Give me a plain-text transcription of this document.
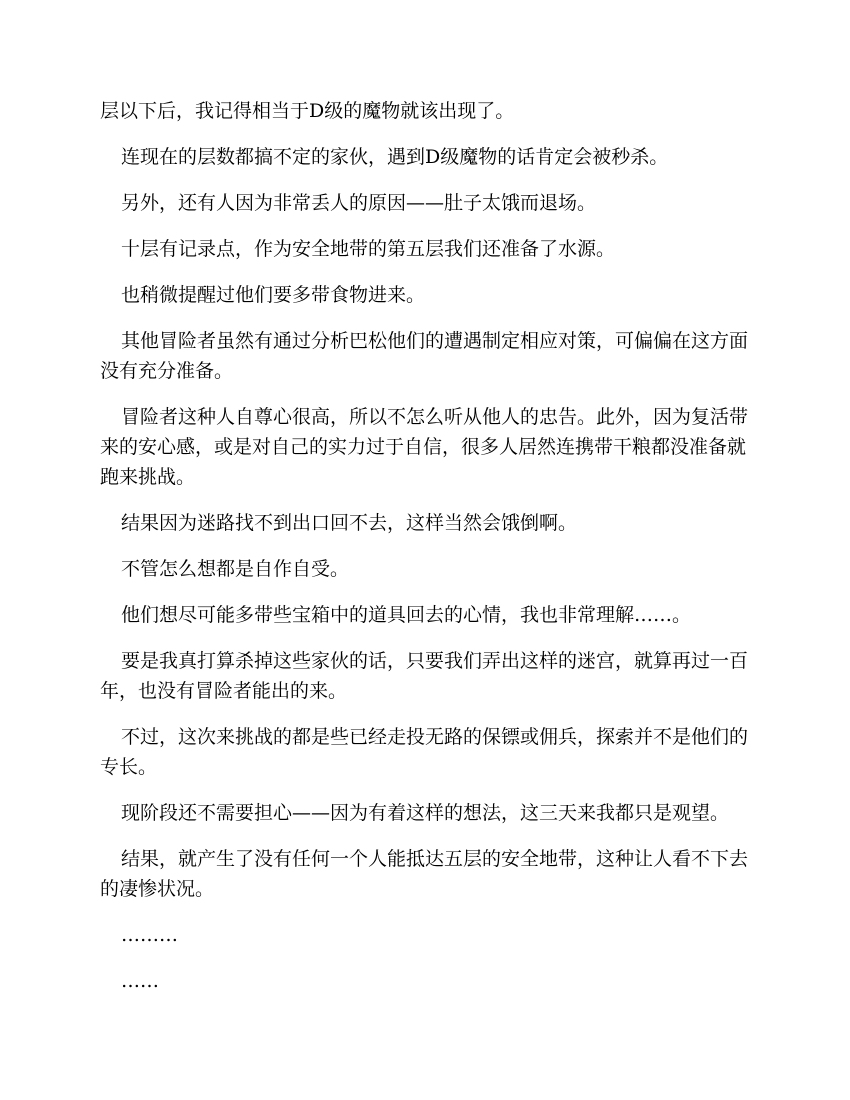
层以下后，我记得相当于D级的魔物就该出现了。

连现在的层数都搞不定的家伙，遇到D级魔物的话肯定会被秒杀。

另外，还有人因为非常丢人的原因——肚子太饿而退场。

十层有记录点，作为安全地带的第五层我们还准备了水源。

也稍微提醒过他们要多带食物进来。

其他冒险者虽然有通过分析巴松他们的遭遇制定相应对策，可偏偏在这方面没有充分准备。

冒险者这种人自尊心很高，所以不怎么听从他人的忠告。此外，因为复活带来的安心感，或是对自己的实力过于自信，很多人居然连携带干粮都没准备就跑来挑战。

结果因为迷路找不到出口回不去，这样当然会饿倒啊。

不管怎么想都是自作自受。

他们想尽可能多带些宝箱中的道具回去的心情，我也非常理解……。

要是我真打算杀掉这些家伙的话，只要我们弄出这样的迷宫，就算再过一百年，也没有冒险者能出的来。

不过，这次来挑战的都是些已经走投无路的保镖或佣兵，探索并不是他们的专长。

现阶段还不需要担心——因为有着这样的想法，这三天来我都只是观望。

结果，就产生了没有任何一个人能抵达五层的安全地带，这种让人看不下去的凄惨状况。

………

……
